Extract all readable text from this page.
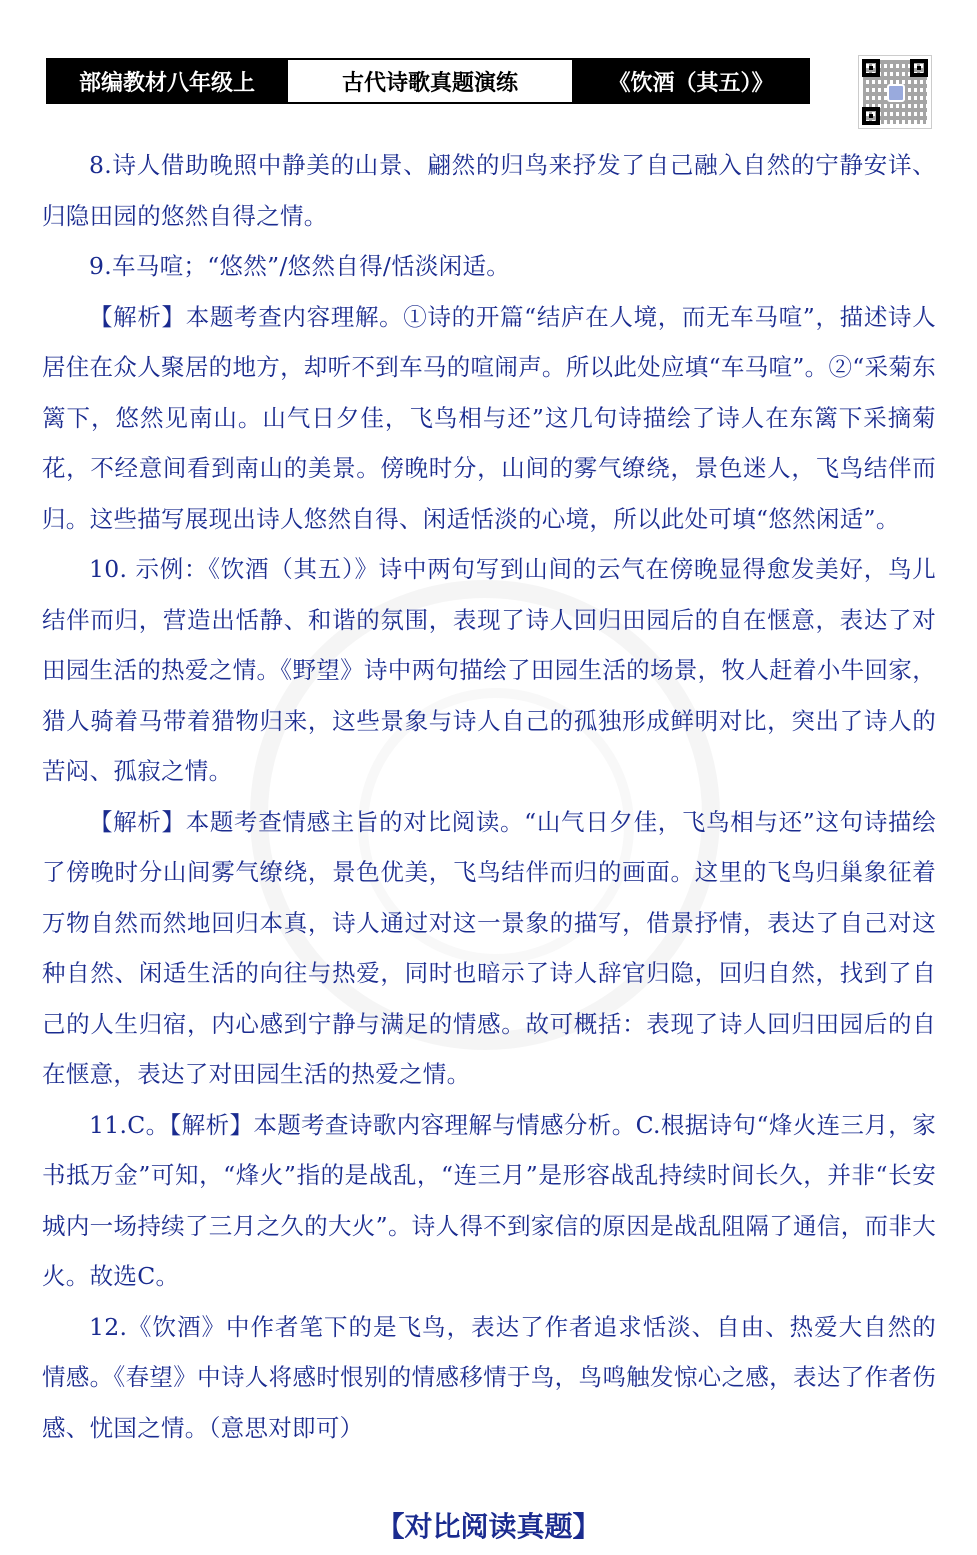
部编教材八年级上	古代诗歌真题演练	《饮酒（其五）》

8.诗人借助晚照中静美的山景、翩然的归鸟来抒发了自己融入自然的宁静安详、归隐田园的悠然自得之情。

9.车马喧；“悠然”/悠然自得/恬淡闲适。

【解析】本题考查内容理解。①诗的开篇“结庐在人境，而无车马喧”，描述诗人居住在众人聚居的地方，却听不到车马的喧闹声。所以此处应填“车马喧”。②“采菊东篱下，悠然见南山。山气日夕佳，飞鸟相与还”这几句诗描绘了诗人在东篱下采摘菊花，不经意间看到南山的美景。傍晚时分，山间的雾气缭绕，景色迷人，飞鸟结伴而归。这些描写展现出诗人悠然自得、闲适恬淡的心境，所以此处可填“悠然闲适”。

10. 示例：《饮酒（其五）》诗中两句写到山间的云气在傍晚显得愈发美好，鸟儿结伴而归，营造出恬静、和谐的氛围，表现了诗人回归田园后的自在惬意，表达了对田园生活的热爱之情。《野望》诗中两句描绘了田园生活的场景，牧人赶着小牛回家，猎人骑着马带着猎物归来，这些景象与诗人自己的孤独形成鲜明对比，突出了诗人的苦闷、孤寂之情。

【解析】本题考查情感主旨的对比阅读。“山气日夕佳，飞鸟相与还”这句诗描绘了傍晚时分山间雾气缭绕，景色优美，飞鸟结伴而归的画面。这里的飞鸟归巢象征着万物自然而然地回归本真，诗人通过对这一景象的描写，借景抒情，表达了自己对这种自然、闲适生活的向往与热爱，同时也暗示了诗人辞官归隐，回归自然，找到了自己的人生归宿，内心感到宁静与满足的情感。故可概括：表现了诗人回归田园后的自在惬意，表达了对田园生活的热爱之情。

11.C。【解析】本题考查诗歌内容理解与情感分析。C.根据诗句“烽火连三月，家书抵万金”可知，“烽火”指的是战乱，“连三月”是形容战乱持续时间长久，并非“长安城内一场持续了三月之久的大火”。诗人得不到家信的原因是战乱阻隔了通信，而非大火。故选C。

12.《饮酒》中作者笔下的是飞鸟，表达了作者追求恬淡、自由、热爱大自然的情感。《春望》中诗人将感时恨别的情感移情于鸟，鸟鸣触发惊心之感，表达了作者伤感、忧国之情。（意思对即可）

【对比阅读真题】
